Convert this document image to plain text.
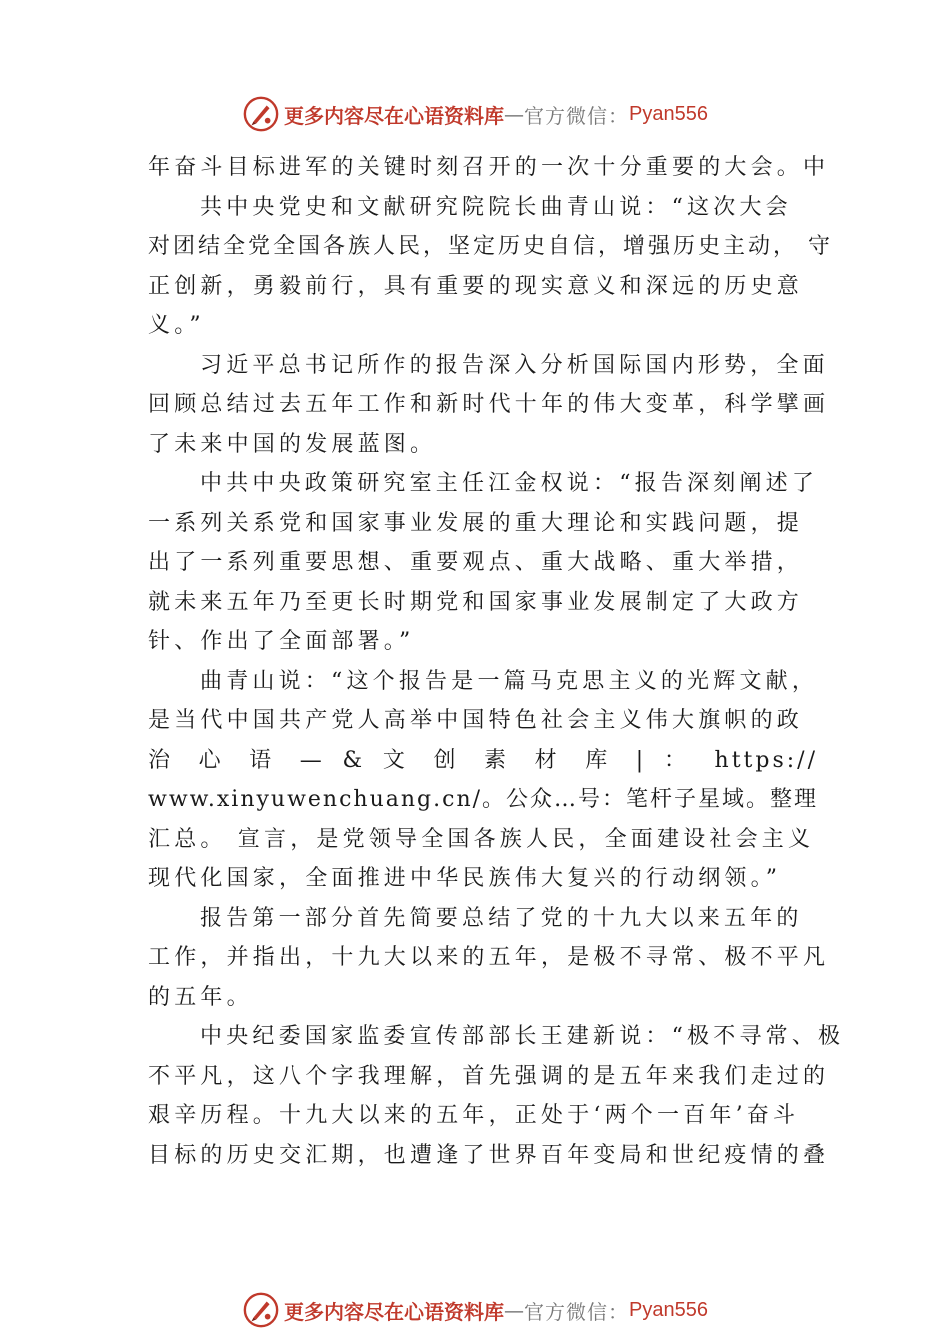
更多内容尽在心语资料库 — 官方微信： Pyan556
年奋斗目标进军的关键时刻召开的一次十分重要的大会。中
共中央党史和文献研究院院长曲青山说：“这次大会
对团结全党全国各族人民，坚定历史自信，增强历史主动， 守
正创新，勇毅前行，具有重要的现实意义和深远的历史意
义。”
习近平总书记所作的报告深入分析国际国内形势，全面
回顾总结过去五年工作和新时代十年的伟大变革，科学擘画
了未来中国的发展蓝图。
中共中央政策研究室主任江金权说：“报告深刻阐述了
一系列关系党和国家事业发展的重大理论和实践问题，提
出了一系列重要思想、重要观点、重大战略、重大举措，
就未来五年乃至更长时期党和国家事业发展制定了大政方
针、作出了全面部署。”
曲青山说：“这个报告是一篇马克思主义的光辉文献，
是当代中国共产党人高举中国特色社会主义伟大旗帜的政
治 心 语 — & 文 创 素 材 库 | ： https://
www.xinyuwenchuang.cn/。公众…号：笔杆子星域。整理
汇总。 宣言，是党领导全国各族人民，全面建设社会主义
现代化国家，全面推进中华民族伟大复兴的行动纲领。”
报告第一部分首先简要总结了党的十九大以来五年的
工作，并指出，十九大以来的五年，是极不寻常、极不平凡
的五年。
中央纪委国家监委宣传部部长王建新说：“极不寻常、极
不平凡，这八个字我理解，首先强调的是五年来我们走过的
艰辛历程。十九大以来的五年，正处于‘两个一百年’奋斗
目标的历史交汇期，也遭逢了世界百年变局和世纪疫情的叠
更多内容尽在心语资料库 — 官方微信： Pyan556
